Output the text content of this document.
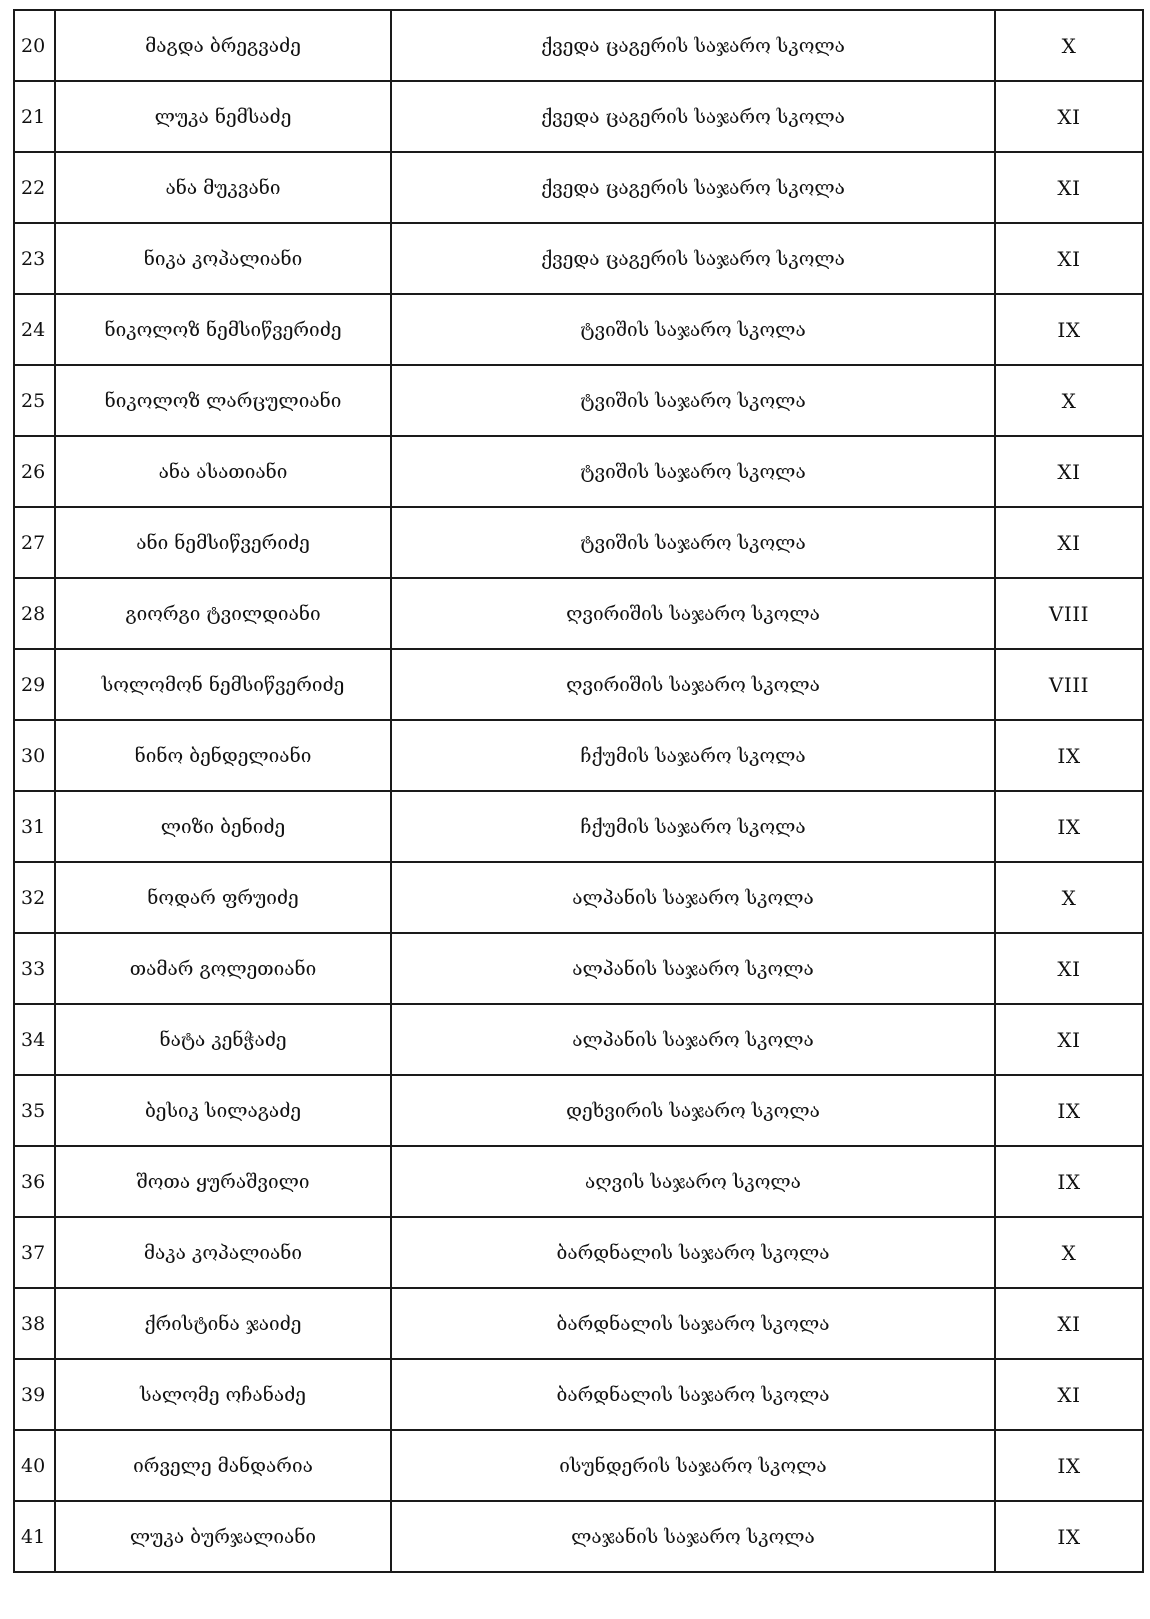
20	მაგდა ბრეგვაძე	ქვედა ცაგერის საჯარო სკოლა	X
21	ლუკა ნემსაძე	ქვედა ცაგერის საჯარო სკოლა	XI
22	ანა მუკვანი	ქვედა ცაგერის საჯარო სკოლა	XI
23	ნიკა კოპალიანი	ქვედა ცაგერის საჯარო სკოლა	XI
24	ნიკოლოზ ნემსიწვერიძე	ტვიშის საჯარო სკოლა	IX
25	ნიკოლოზ ლარცულიანი	ტვიშის საჯარო სკოლა	X
26	ანა ასათიანი	ტვიშის საჯარო სკოლა	XI
27	ანი ნემსიწვერიძე	ტვიშის საჯარო სკოლა	XI
28	გიორგი ტვილდიანი	ღვირიშის საჯარო სკოლა	VIII
29	სოლომონ ნემსიწვერიძე	ღვირიშის საჯარო სკოლა	VIII
30	ნინო ბენდელიანი	ჩქუმის საჯარო სკოლა	IX
31	ლიზი ბენიძე	ჩქუმის საჯარო სკოლა	IX
32	ნოდარ ფრუიძე	ალპანის საჯარო სკოლა	X
33	თამარ გოლეთიანი	ალპანის საჯარო სკოლა	XI
34	ნატა კენჭაძე	ალპანის საჯარო სკოლა	XI
35	ბესიკ სილაგაძე	დეხვირის საჯარო სკოლა	IX
36	შოთა ყურაშვილი	აღვის საჯარო სკოლა	IX
37	მაკა კოპალიანი	ბარდნალის საჯარო სკოლა	X
38	ქრისტინა ჯაიძე	ბარდნალის საჯარო სკოლა	XI
39	სალომე ოჩანაძე	ბარდნალის საჯარო სკოლა	XI
40	ირველე მანდარია	ისუნდერის საჯარო სკოლა	IX
41	ლუკა ბურჯალიანი	ლაჯანის საჯარო სკოლა	IX
